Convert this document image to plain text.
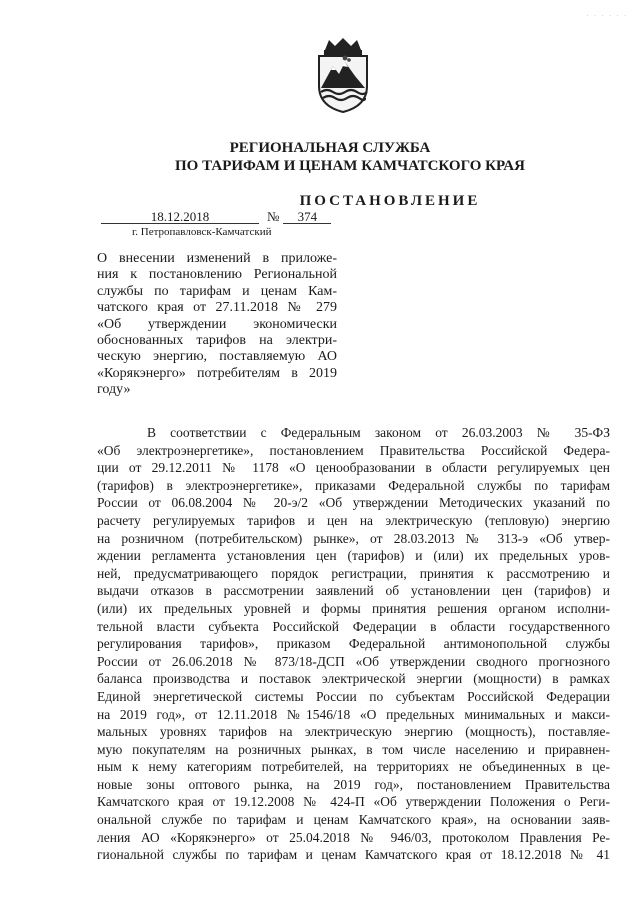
. . . . . .
РЕГИОНАЛЬНАЯ СЛУЖБА
ПО ТАРИФАМ И ЦЕНАМ КАМЧАТСКОГО КРАЯ
ПОСТАНОВЛЕНИЕ
18.12.2018	№ 374
г. Петропавловск-Камчатский
О внесении изменений в приложе-
ния к постановлению Региональной
службы по тарифам и ценам Кам-
чатского края от 27.11.2018 № 279
«Об утверждении экономически
обоснованных тарифов на электри-
ческую энергию, поставляемую АО
«Корякэнерго» потребителям в 2019
году»
В соответствии с Федеральным законом от 26.03.2003 № 35-ФЗ
«Об электроэнергетике», постановлением Правительства Российской Федера-
ции от 29.12.2011 № 1178 «О ценообразовании в области регулируемых цен
(тарифов) в электроэнергетике», приказами Федеральной службы по тарифам
России от 06.08.2004 № 20-э/2 «Об утверждении Методических указаний по
расчету регулируемых тарифов и цен на электрическую (тепловую) энергию
на розничном (потребительском) рынке», от 28.03.2013 № 313-э «Об утвер-
ждении регламента установления цен (тарифов) и (или) их предельных уров-
ней, предусматривающего порядок регистрации, принятия к рассмотрению и
выдачи отказов в рассмотрении заявлений об установлении цен (тарифов) и
(или) их предельных уровней и формы принятия решения органом исполни-
тельной власти субъекта Российской Федерации в области государственного
регулирования тарифов», приказом Федеральной антимонопольной службы
России от 26.06.2018 № 873/18-ДСП «Об утверждении сводного прогнозного
баланса производства и поставок электрической энергии (мощности) в рамках
Единой энергетической системы России по субъектам Российской Федерации
на 2019 год», от 12.11.2018 №1546/18 «О предельных минимальных и макси-
мальных уровнях тарифов на электрическую энергию (мощность), поставляе-
мую покупателям на розничных рынках, в том числе населению и приравнен-
ным к нему категориям потребителей, на территориях не объединенных в це-
новые зоны оптового рынка, на 2019 год», постановлением Правительства
Камчатского края от 19.12.2008 № 424-П «Об утверждении Положения о Реги-
ональной службе по тарифам и ценам Камчатского края», на основании заяв-
ления АО «Корякэнерго» от 25.04.2018 № 946/03, протоколом Правления Ре-
гиональной службы по тарифам и ценам Камчатского края от 18.12.2018 № 41
